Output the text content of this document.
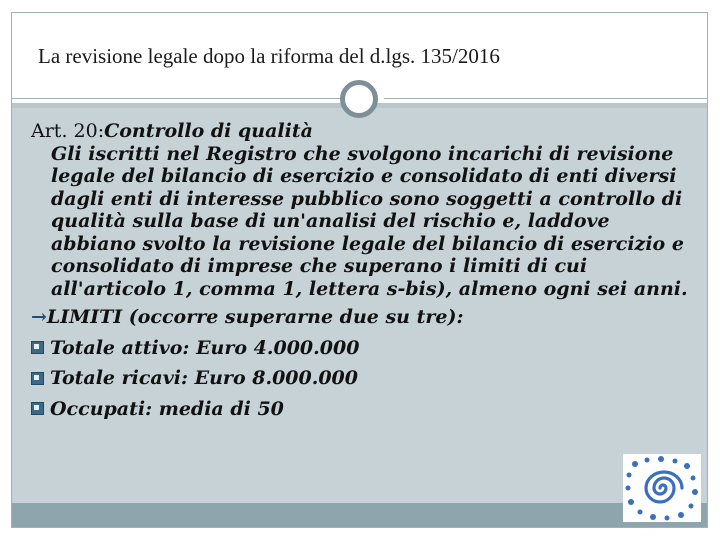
La revisione legale dopo la riforma del d.lgs. 135/2016
Art. 20:Controllo di qualità
Gli iscritti nel Registro che svolgono incarichi di revisione legale del bilancio di esercizio e consolidato di enti diversi dagli enti di interesse pubblico sono soggetti a controllo di qualità sulla base di un'analisi del rischio e, laddove abbiano svolto la revisione legale del bilancio di esercizio e consolidato di imprese che superano i limiti di cui all'articolo 1, comma 1, lettera s-bis), almeno ogni sei anni.
→LIMITI (occorre superarne due su tre):
Totale attivo: Euro 4.000.000
Totale ricavi: Euro 8.000.000
Occupati: media di 50
